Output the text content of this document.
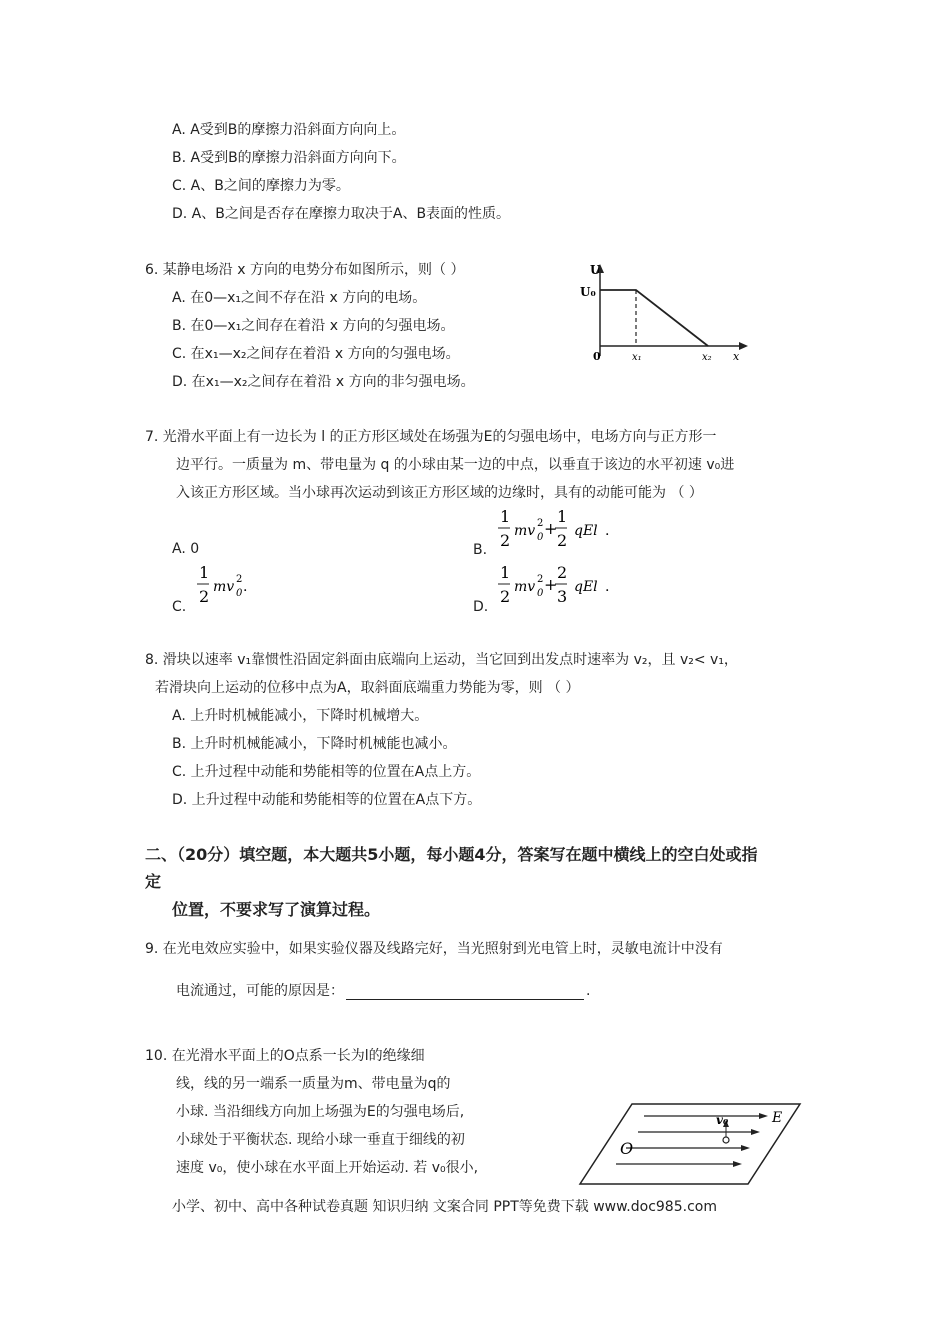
A. A受到B的摩擦力沿斜面方向向上。
B. A受到B的摩擦力沿斜面方向向下。
C. A、B之间的摩擦力为零。
D. A、B之间是否存在摩擦力取决于A、B表面的性质。
6. 某静电场沿 x 方向的电势分布如图所示，则（ ）
A. 在0—x₁之间不存在沿 x 方向的电场。
B. 在0—x₁之间存在着沿 x 方向的匀强电场。
C. 在x₁—x₂之间存在着沿 x 方向的匀强电场。
D. 在x₁—x₂之间存在着沿 x 方向的非匀强电场。
U
U₀
0	x₁	x₂ x
7. 光滑水平面上有一边长为 l 的正方形区域处在场强为E的匀强电场中，电场方向与正方形一
边平行。一质量为 m、带电量为 q 的小球由某一边的中点，以垂直于该边的水平初速 v₀进
入该正方形区域。当小球再次运动到该正方形区域的边缘时，具有的动能可能为 （ ）
A. 0	B.
1
2 mv 2
0 +
1
2 qEl .
C.
1
2 mv 2
0 .
D.
1
2 mv 2
0 +
2
3 qEl .
8. 滑块以速率 v₁靠惯性沿固定斜面由底端向上运动，当它回到出发点时速率为 v₂，且 v₂< v₁，
若滑块向上运动的位移中点为A，取斜面底端重力势能为零，则 （ ）
A. 上升时机械能减小，下降时机械增大。
B. 上升时机械能减小，下降时机械能也减小。
C. 上升过程中动能和势能相等的位置在A点上方。
D. 上升过程中动能和势能相等的位置在A点下方。
二、（20分）填空题，本大题共5小题，每小题4分，答案写在题中横线上的空白处或指
定
位置，不要求写了演算过程。
9. 在光电效应实验中，如果实验仪器及线路完好，当光照射到光电管上时，灵敏电流计中没有
电流通过，可能的原因是：	.
10. 在光滑水平面上的O点系一长为l的绝缘细
线，线的另一端系一质量为m、带电量为q的
小球. 当沿细线方向加上场强为E的匀强电场后,
小球处于平衡状态. 现给小球一垂直于细线的初
速度 v₀，使小球在水平面上开始运动. 若 v₀很小,
v₀	E
O
小学、初中、高中各种试卷真题 知识归纳 文案合同 PPT等免费下载 www.doc985.com
